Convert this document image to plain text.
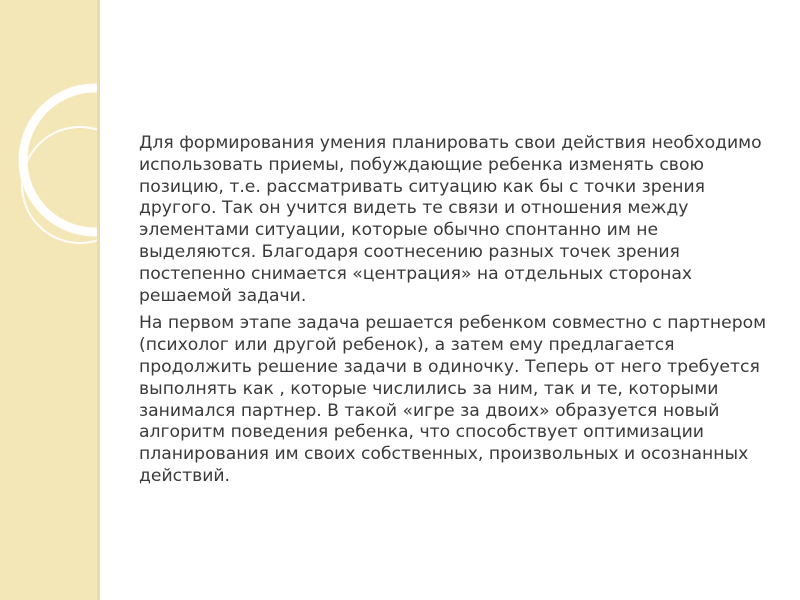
Для формирования умения планировать свои действия необходимо использовать приемы, побуждающие ребенка изменять свою позицию, т.е. рассматривать ситуацию как бы с точки зрения другого. Так он учится видеть те связи и отношения между элементами ситуации, которые обычно спонтанно им не выделяются. Благодаря соотнесению разных точек зрения постепенно снимается «центрация» на отдельных сторонах решаемой задачи.

На первом этапе задача решается ребенком совместно с партнером (психолог или другой ребенок), а затем ему предлагается продолжить решение задачи в одиночку. Теперь от него требуется выполнять как , которые числились за ним, так и те, которыми занимался партнер. В такой «игре за двоих» образуется новый алгоритм поведения ребенка, что способствует оптимизации планирования им своих собственных, произвольных и осознанных действий.
